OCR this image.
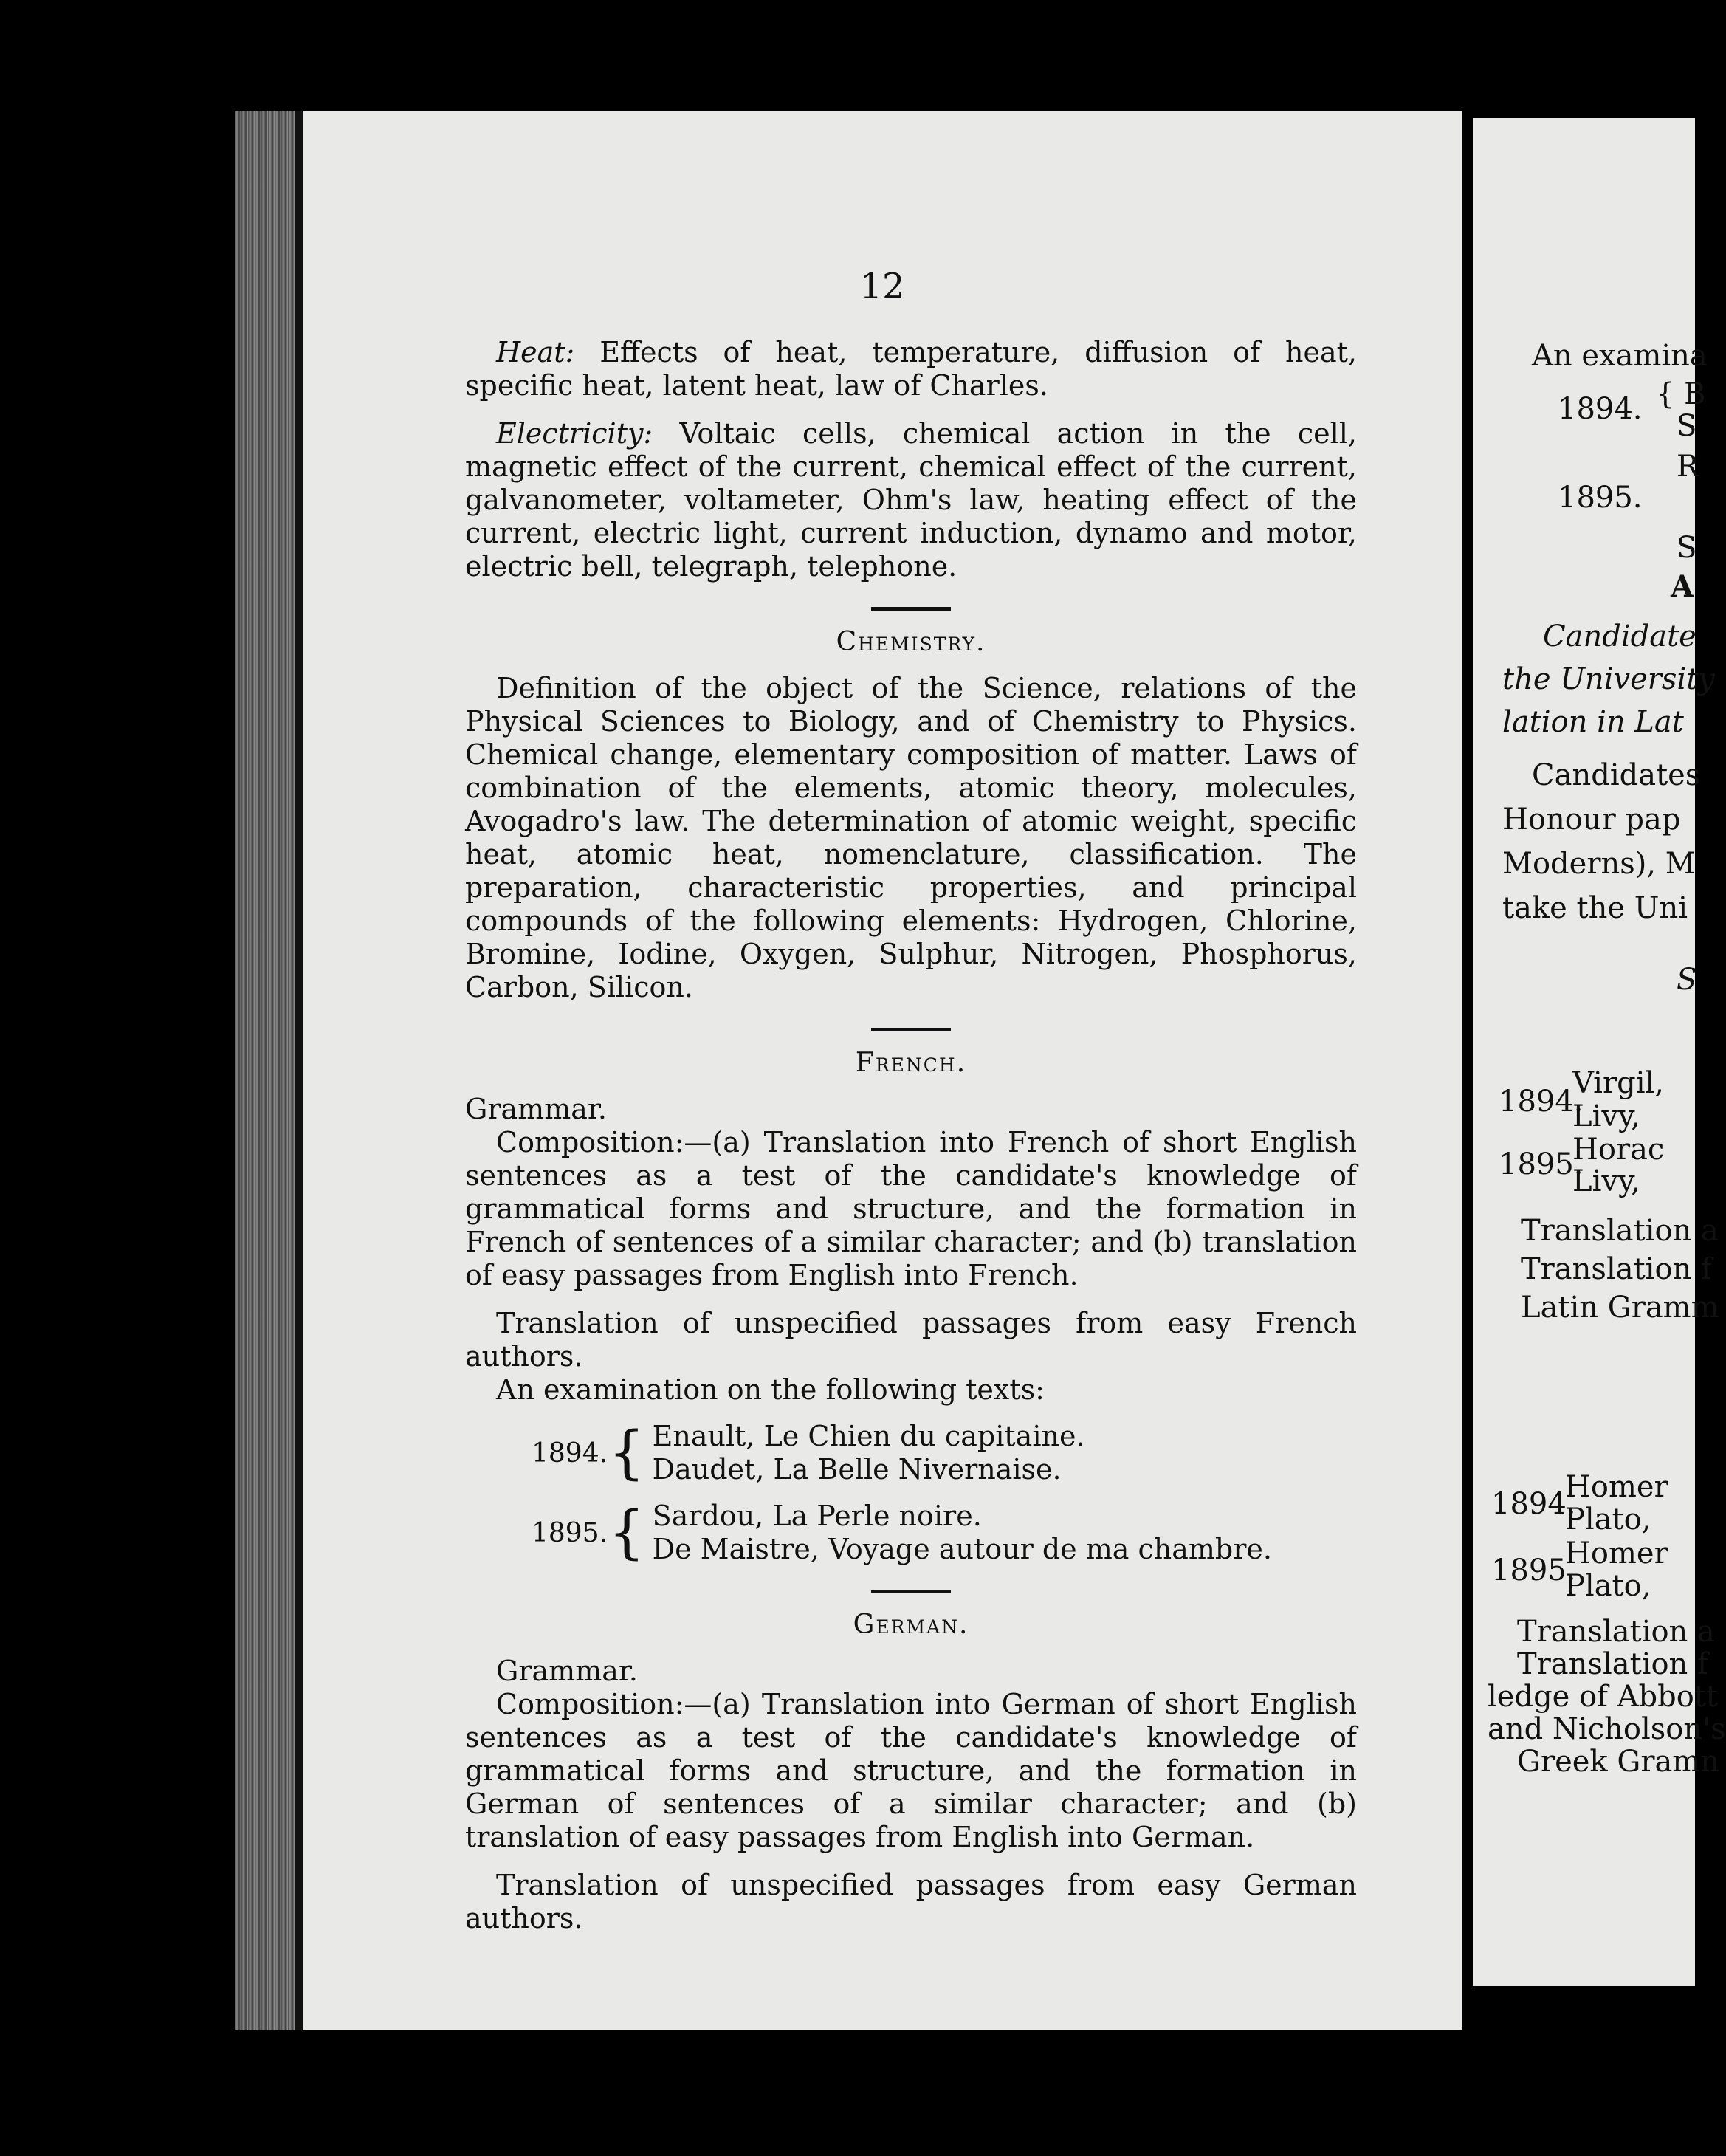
12

Heat: Effects of heat, temperature, diffusion of heat, specific heat, latent heat, law of Charles.

Electricity: Voltaic cells, chemical action in the cell, magnetic effect of the current, chemical effect of the current, galvanometer, voltameter, Ohm's law, heating effect of the current, electric light, current induction, dynamo and motor, electric bell, telegraph, telephone.

Chemistry.

Definition of the object of the Science, relations of the Physical Sciences to Biology, and of Chemistry to Physics. Chemical change, elementary composition of matter. Laws of combination of the elements, atomic theory, molecules, Avogadro's law. The determination of atomic weight, specific heat, atomic heat, nomenclature, classification. The preparation, characteristic properties, and principal compounds of the following elements: Hydrogen, Chlorine, Bromine, Iodine, Oxygen, Sulphur, Nitrogen, Phosphorus, Carbon, Silicon.

French.

Grammar.

Composition:—(a) Translation into French of short English sentences as a test of the candidate's knowledge of grammatical forms and structure, and the formation in French of sentences of a similar character; and (b) translation of easy passages from English into French.

Translation of unspecified passages from easy French authors.

An examination on the following texts:

1894. { Enault, Le Chien du capitaine.
Daudet, La Belle Nivernaise.
1895. { Sardou, La Perle noire.
De Maistre, Voyage autour de ma chambre.
German.

Grammar.

Composition:—(a) Translation into German of short English sentences as a test of the candidate's knowledge of grammatical forms and structure, and the formation in German of sentences of a similar character; and (b) translation of easy passages from English into German.

Translation of unspecified passages from easy German authors.

An examina
1894. { B
S
1895.
R
S
A
Candidate
the University
lation in Lat
Candidates
Honour pap
Moderns), M
take the Uni
S
1894.
Virgil,
Livy,
1895.
Horac
Livy,
Translation a
Translation f
Latin Gramm
1894.
Homer
Plato,
1895.
Homer
Plato,
Translation a
Translation f
ledge of Abbott
and Nicholson's
Greek Gramn
